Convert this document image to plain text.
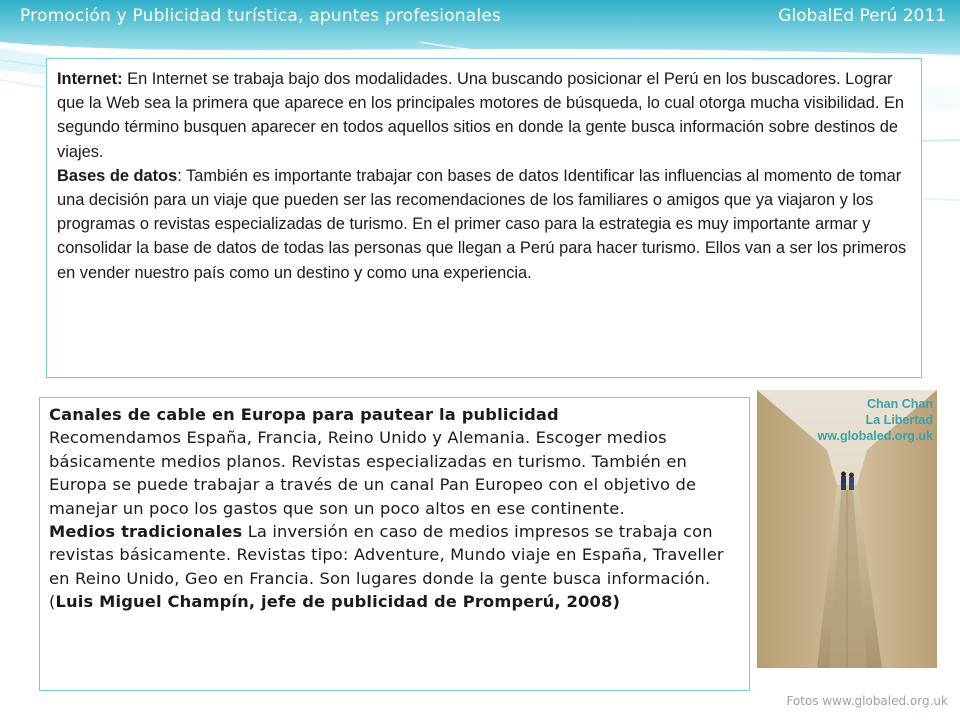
Promoción y Publicidad turística, apuntes profesionales	GlobalEd Perú 2011

Internet: En Internet se trabaja bajo dos modalidades. Una buscando posicionar el Perú en los buscadores. Lograr que la Web sea la primera que aparece en los principales motores de búsqueda, lo cual otorga mucha visibilidad. En segundo término busquen aparecer en todos aquellos sitios en donde la gente busca información sobre destinos de viajes.

Bases de datos: También es importante trabajar con bases de datos Identificar las influencias al momento de tomar una decisión para un viaje que pueden ser las recomendaciones de los familiares o amigos que ya viajaron y los programas o revistas especializadas de turismo. En el primer caso para la estrategia es muy importante armar y consolidar la base de datos de todas las personas que llegan a Perú para hacer turismo. Ellos van a ser los primeros en vender nuestro país como un destino y como una experiencia.

Canales de cable en Europa para pautear la publicidad

Recomendamos España, Francia, Reino Unido y Alemania. Escoger medios básicamente medios planos. Revistas especializadas en turismo. También en Europa se puede trabajar a través de un canal Pan Europeo con el objetivo de manejar un poco los gastos que son un poco altos en ese continente.

Medios tradicionales La inversión en caso de medios impresos se trabaja con revistas básicamente. Revistas tipo: Adventure, Mundo viaje en España, Traveller en Reino Unido, Geo en Francia. Son lugares donde la gente busca información.

(Luis Miguel Champín, jefe de publicidad de Promperú, 2008)

Chan Chan
La Libertad
ww.globaled.org.uk
Fotos www.globaled.org.uk
